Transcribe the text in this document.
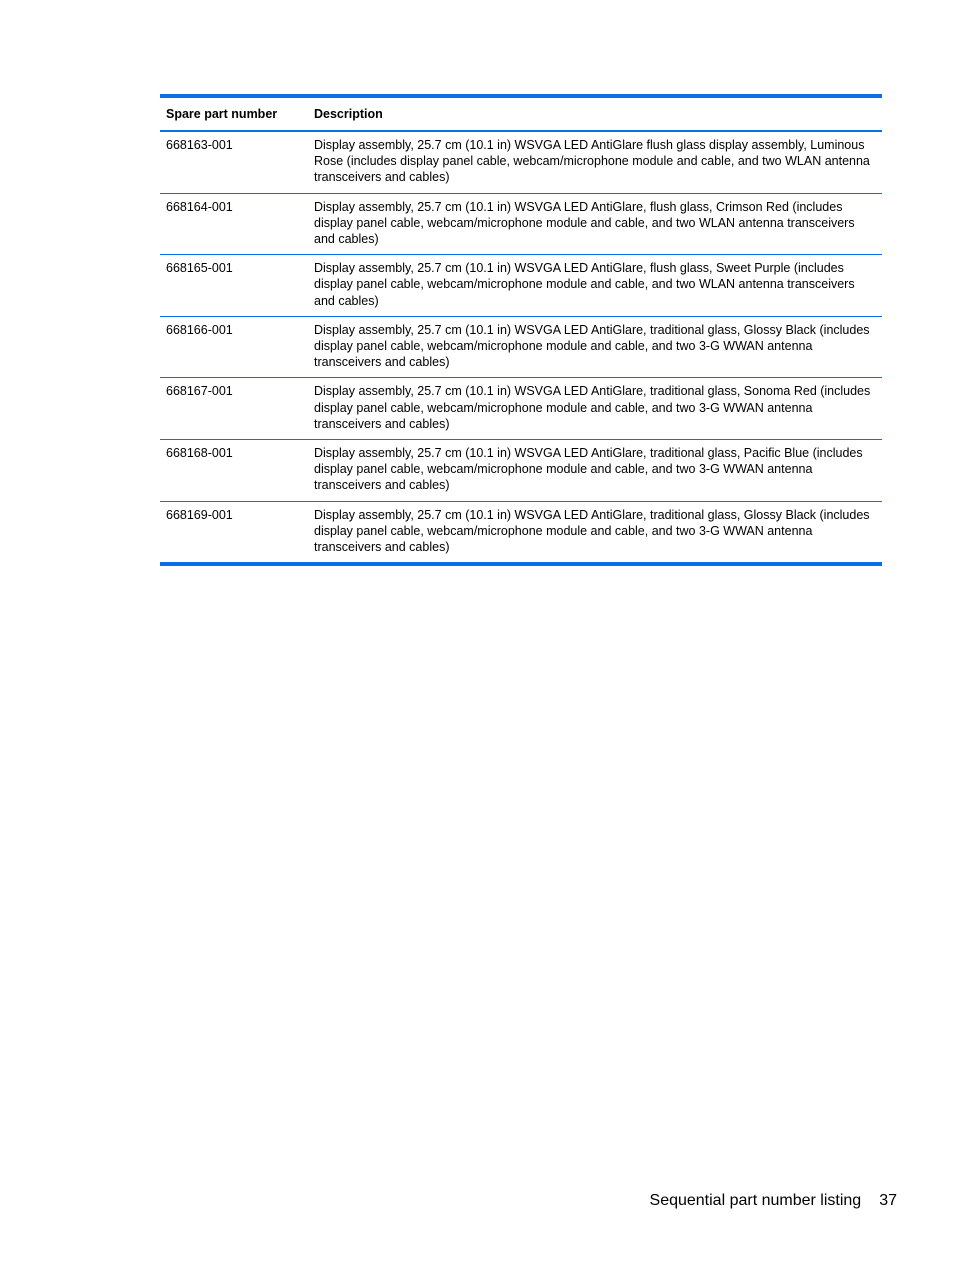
Spare part number	Description
668163-001	Display assembly, 25.7 cm (10.1 in) WSVGA LED AntiGlare flush glass display assembly, Luminous Rose (includes display panel cable, webcam/microphone module and cable, and two WLAN antenna transceivers and cables)
668164-001	Display assembly, 25.7 cm (10.1 in) WSVGA LED AntiGlare, flush glass, Crimson Red (includes display panel cable, webcam/microphone module and cable, and two WLAN antenna transceivers and cables)
668165-001	Display assembly, 25.7 cm (10.1 in) WSVGA LED AntiGlare, flush glass, Sweet Purple (includes display panel cable, webcam/microphone module and cable, and two WLAN antenna transceivers and cables)
668166-001	Display assembly, 25.7 cm (10.1 in) WSVGA LED AntiGlare, traditional glass, Glossy Black (includes display panel cable, webcam/microphone module and cable, and two 3-G WWAN antenna transceivers and cables)
668167-001	Display assembly, 25.7 cm (10.1 in) WSVGA LED AntiGlare, traditional glass, Sonoma Red (includes display panel cable, webcam/microphone module and cable, and two 3-G WWAN antenna transceivers and cables)
668168-001	Display assembly, 25.7 cm (10.1 in) WSVGA LED AntiGlare, traditional glass, Pacific Blue (includes display panel cable, webcam/microphone module and cable, and two 3-G WWAN antenna transceivers and cables)
668169-001	Display assembly, 25.7 cm (10.1 in) WSVGA LED AntiGlare, traditional glass, Glossy Black (includes display panel cable, webcam/microphone module and cable, and two 3-G WWAN antenna transceivers and cables)
Sequential part number listing 37
